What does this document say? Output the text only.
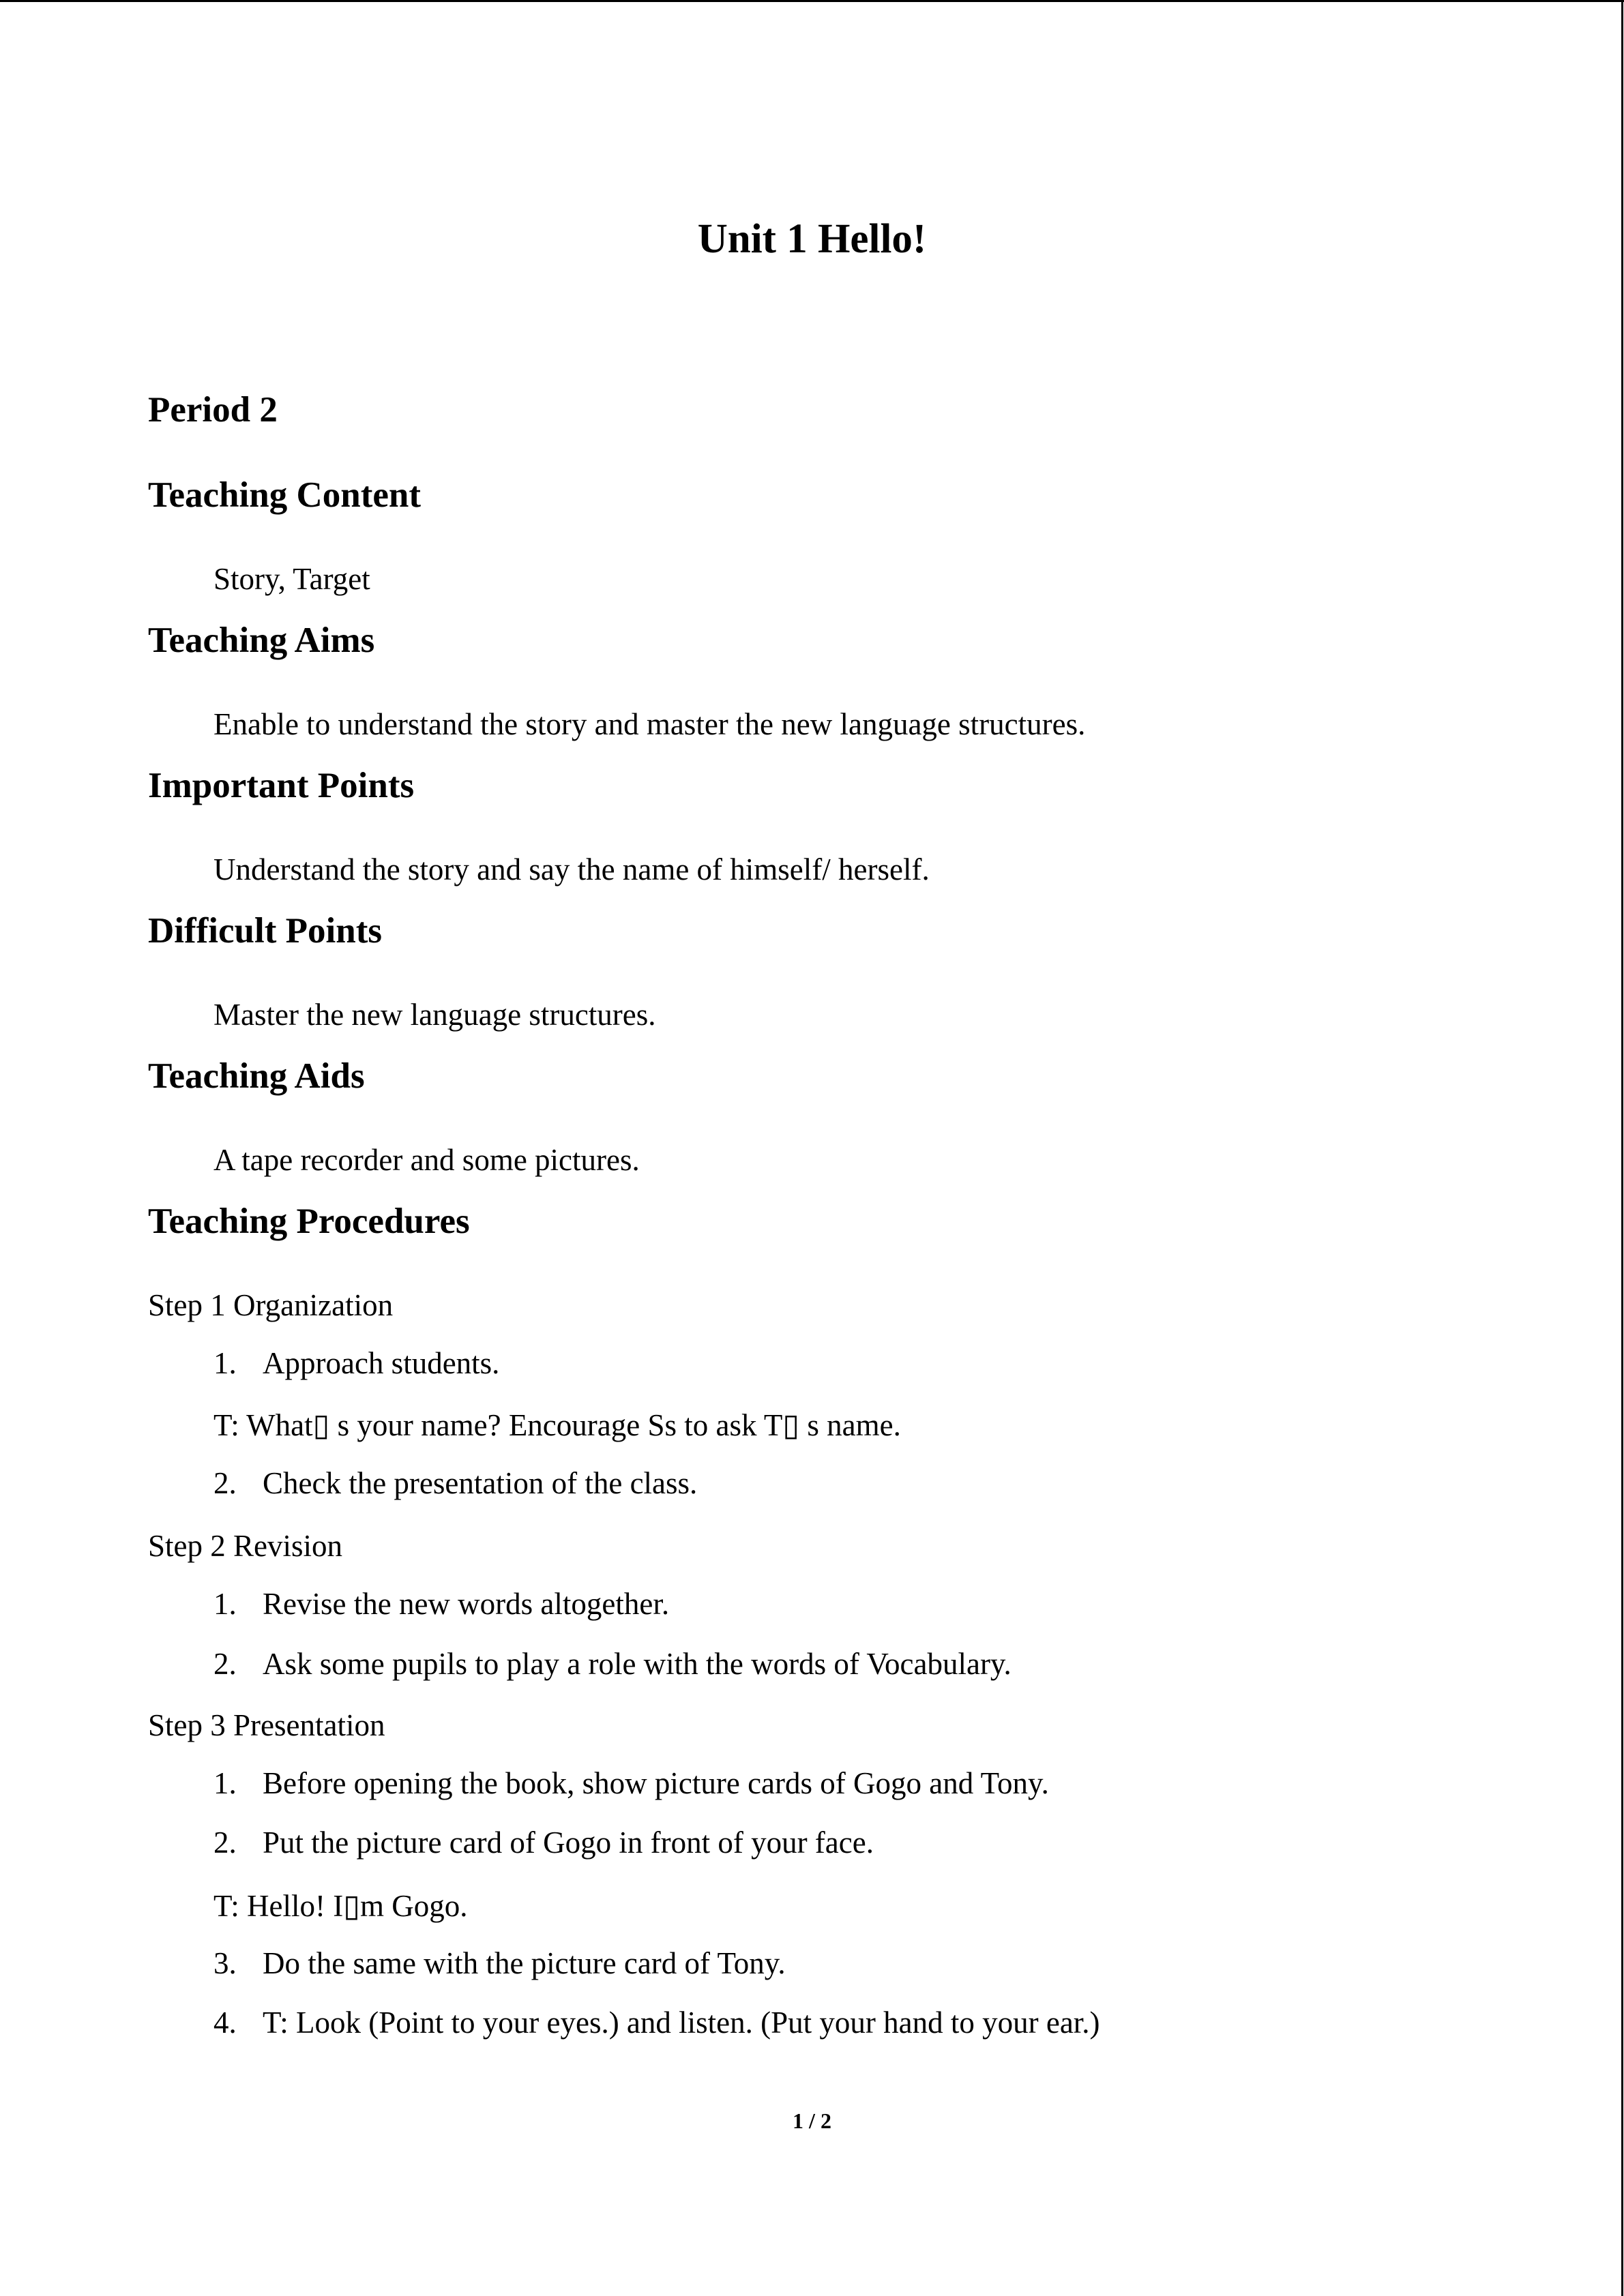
Unit 1 Hello!
Period 2
Teaching Content
Story, Target
Teaching Aims
Enable to understand the story and master the new language structures.
Important Points
Understand the story and say the name of himself/ herself.
Difficult Points
Master the new language structures.
Teaching Aids
A tape recorder and some pictures.
Teaching Procedures
Step 1 Organization
1. Approach students.
T: What▯ s your name? Encourage Ss to ask T▯ s name.
2. Check the presentation of the class.
Step 2 Revision
1. Revise the new words altogether.
2. Ask some pupils to play a role with the words of Vocabulary.
Step 3 Presentation
1. Before opening the book, show picture cards of Gogo and Tony.
2. Put the picture card of Gogo in front of your face.
T: Hello! I▯m Gogo.
3. Do the same with the picture card of Tony.
4. T: Look (Point to your eyes.) and listen. (Put your hand to your ear.)
1 / 2
